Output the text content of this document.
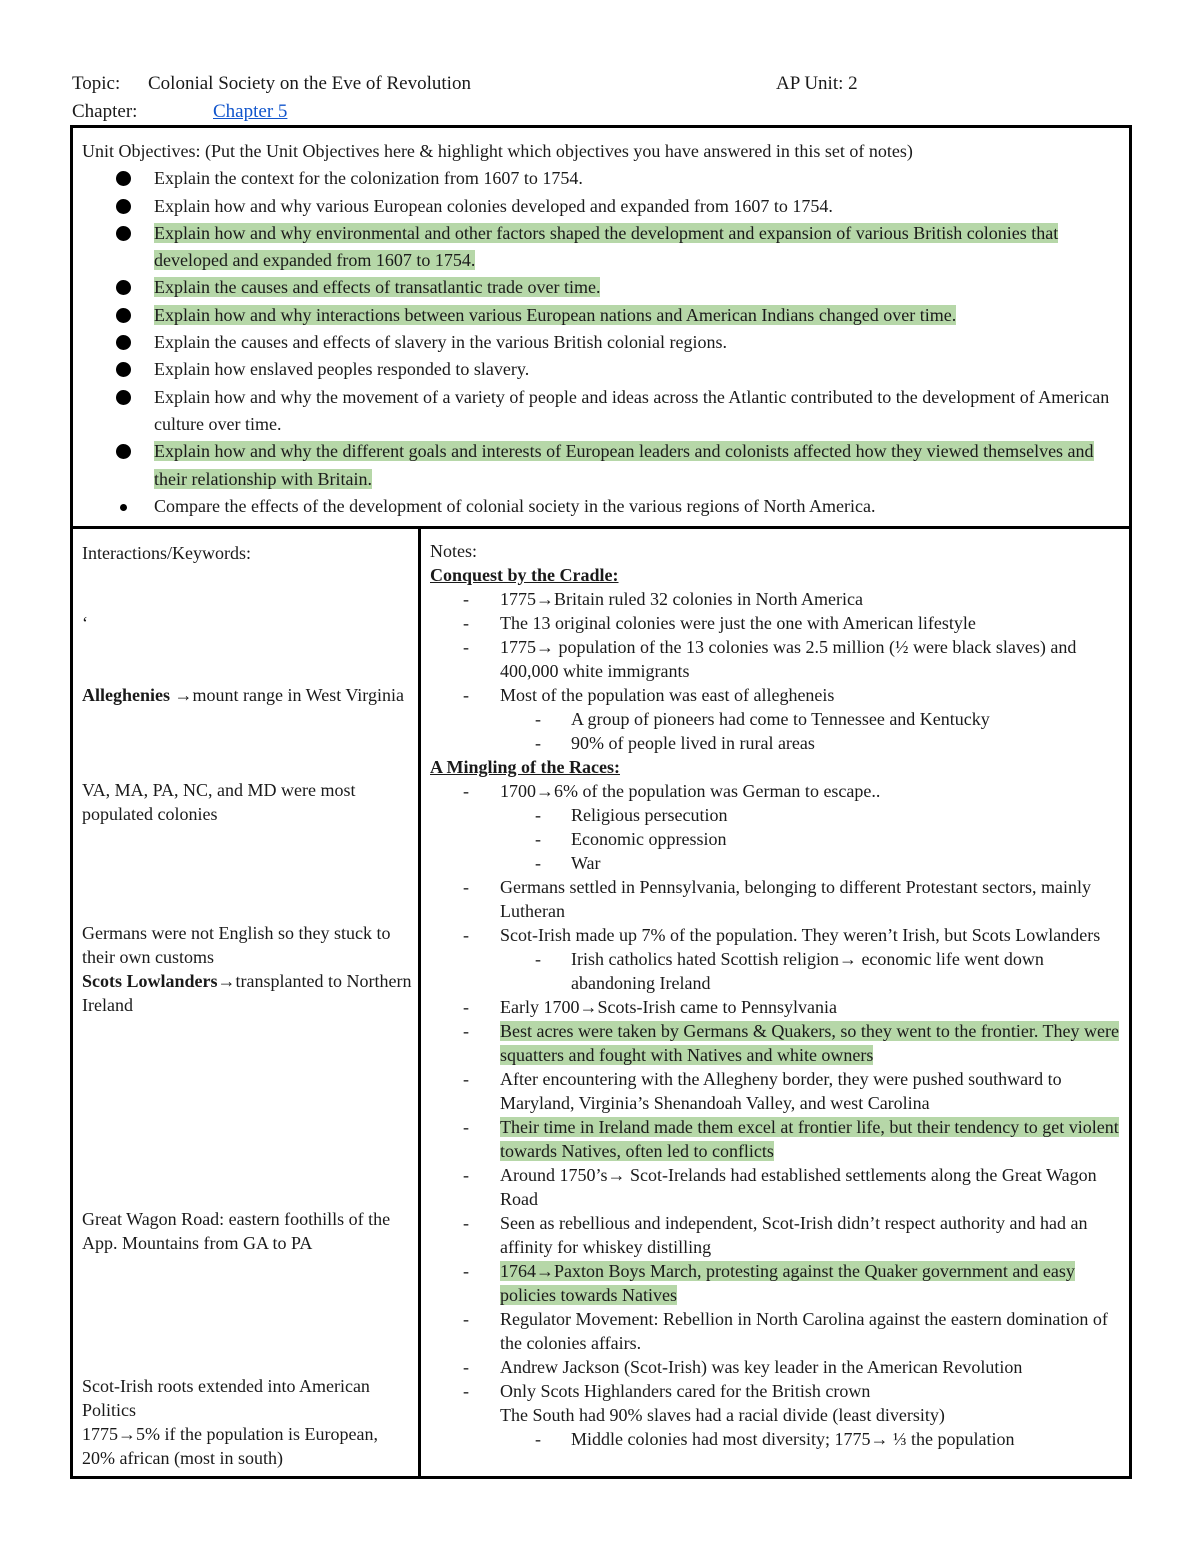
Topic: Colonial Society on the Eve of Revolution	AP Unit: 2
Chapter:	Chapter 5
Unit Objectives: (Put the Unit Objectives here & highlight which objectives you have answered in this set of notes)
Explain the context for the colonization from 1607 to 1754.
Explain how and why various European colonies developed and expanded from 1607 to 1754.
Explain how and why environmental and other factors shaped the development and expansion of various British colonies that developed and expanded from 1607 to 1754.
Explain the causes and effects of transatlantic trade over time.
Explain how and why interactions between various European nations and American Indians changed over time.
Explain the causes and effects of slavery in the various British colonial regions.
Explain how enslaved peoples responded to slavery.
Explain how and why the movement of a variety of people and ideas across the Atlantic contributed to the development of American culture over time.
Explain how and why the different goals and interests of European leaders and colonists affected how they viewed themselves and their relationship with Britain.
Compare the effects of the development of colonial society in the various regions of North America.
Interactions/Keywords:
‘
Alleghenies →mount range in West Virginia
VA, MA, PA, NC, and MD were most populated colonies
Germans were not English so they stuck to their own customs
Scots Lowlanders→transplanted to Northern Ireland
Great Wagon Road: eastern foothills of the App. Mountains from GA to PA
Scot-Irish roots extended into American Politics
1775→5% if the population is European, 20% african (most in south)
Notes:
Conquest by the Cradle:
- 1775→Britain ruled 32 colonies in North America
- The 13 original colonies were just the one with American lifestyle
- 1775→ population of the 13 colonies was 2.5 million (½ were black slaves) and 400,000 white immigrants
- Most of the population was east of allegheneis
- A group of pioneers had come to Tennessee and Kentucky
- 90% of people lived in rural areas
A Mingling of the Races:
- 1700→6% of the population was German to escape..
- Religious persecution
- Economic oppression
- War
- Germans settled in Pennsylvania, belonging to different Protestant sectors, mainly Lutheran
- Scot-Irish made up 7% of the population. They weren’t Irish, but Scots Lowlanders
- Irish catholics hated Scottish religion→ economic life went down abandoning Ireland
- Early 1700→Scots-Irish came to Pennsylvania
- Best acres were taken by Germans & Quakers, so they went to the frontier. They were squatters and fought with Natives and white owners
- After encountering with the Allegheny border, they were pushed southward to Maryland, Virginia’s Shenandoah Valley, and west Carolina
- Their time in Ireland made them excel at frontier life, but their tendency to get violent towards Natives, often led to conflicts
- Around 1750’s→ Scot-Irelands had established settlements along the Great Wagon Road
- Seen as rebellious and independent, Scot-Irish didn’t respect authority and had an affinity for whiskey distilling
- 1764→Paxton Boys March, protesting against the Quaker government and easy policies towards Natives
- Regulator Movement: Rebellion in North Carolina against the eastern domination of the colonies affairs.
- Andrew Jackson (Scot-Irish) was key leader in the American Revolution
- Only Scots Highlanders cared for the British crown
The South had 90% slaves had a racial divide (least diversity)
- Middle colonies had most diversity; 1775→ ⅓ the population
